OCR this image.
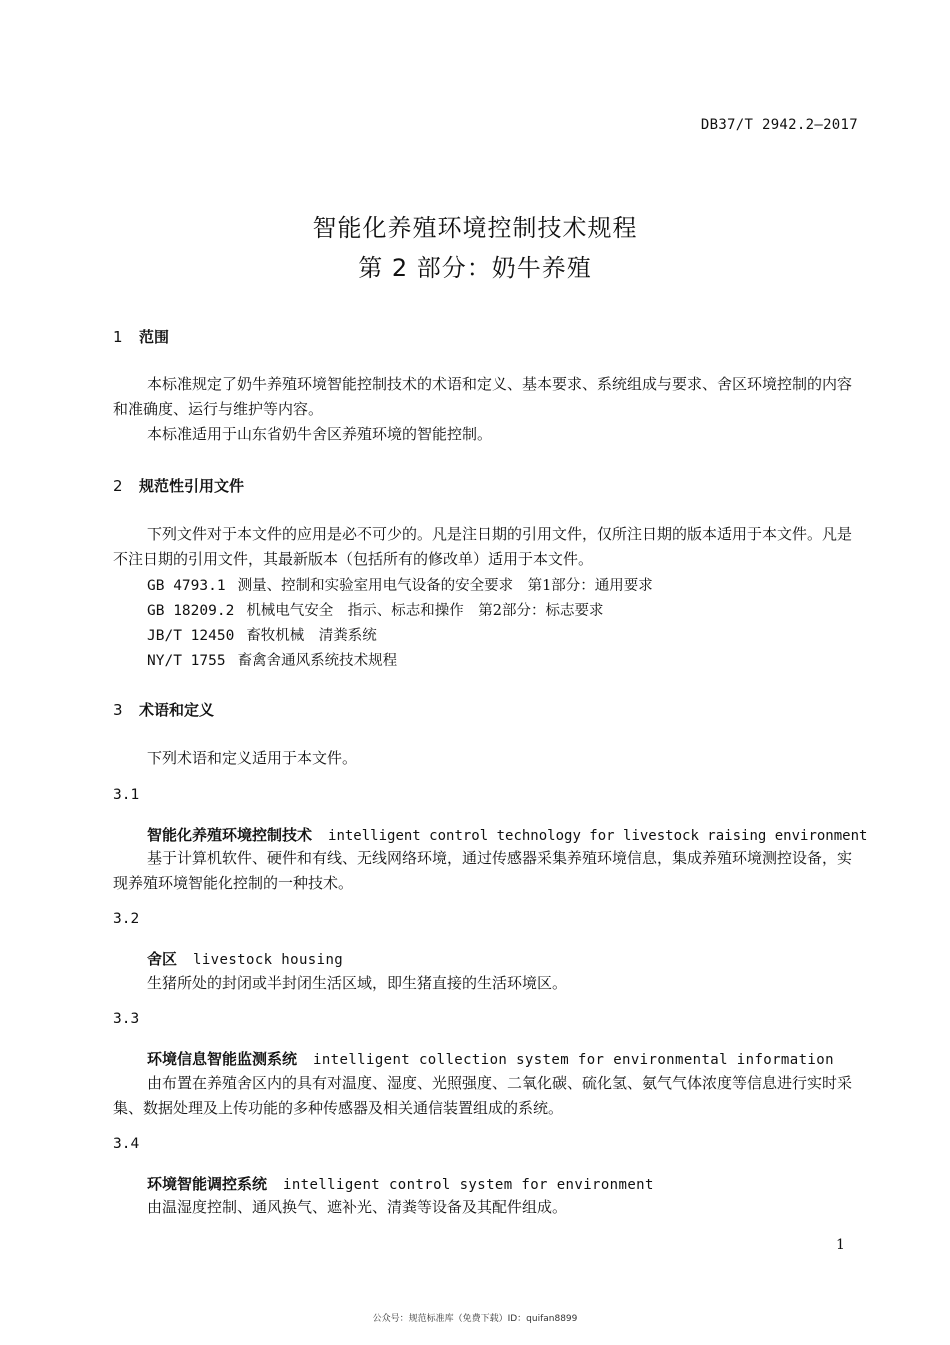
DB37/T 2942.2—2017
智能化养殖环境控制技术规程
第 2 部分：奶牛养殖
1 范围
本标准规定了奶牛养殖环境智能控制技术的术语和定义、基本要求、系统组成与要求、舍区环境控制的内容和准确度、运行与维护等内容。
本标准适用于山东省奶牛舍区养殖环境的智能控制。
2 规范性引用文件
下列文件对于本文件的应用是必不可少的。凡是注日期的引用文件，仅所注日期的版本适用于本文件。凡是不注日期的引用文件，其最新版本（包括所有的修改单）适用于本文件。
GB 4793.1 测量、控制和实验室用电气设备的安全要求　第1部分：通用要求
GB 18209.2 机械电气安全　指示、标志和操作　第2部分：标志要求
JB/T 12450 畜牧机械　清粪系统
NY/T 1755 畜禽舍通风系统技术规程
3 术语和定义
下列术语和定义适用于本文件。
3.1
智能化养殖环境控制技术 intelligent control technology for livestock raising environment
基于计算机软件、硬件和有线、无线网络环境，通过传感器采集养殖环境信息，集成养殖环境测控设备，实现养殖环境智能化控制的一种技术。
3.2
舍区 livestock housing
生猪所处的封闭或半封闭生活区域，即生猪直接的生活环境区。
3.3
环境信息智能监测系统 intelligent collection system for environmental information
由布置在养殖舍区内的具有对温度、湿度、光照强度、二氧化碳、硫化氢、氨气气体浓度等信息进行实时采集、数据处理及上传功能的多种传感器及相关通信装置组成的系统。
3.4
环境智能调控系统 intelligent control system for environment
由温湿度控制、通风换气、遮补光、清粪等设备及其配件组成。
1
公众号：规范标准库（免费下载）ID：quifan8899
